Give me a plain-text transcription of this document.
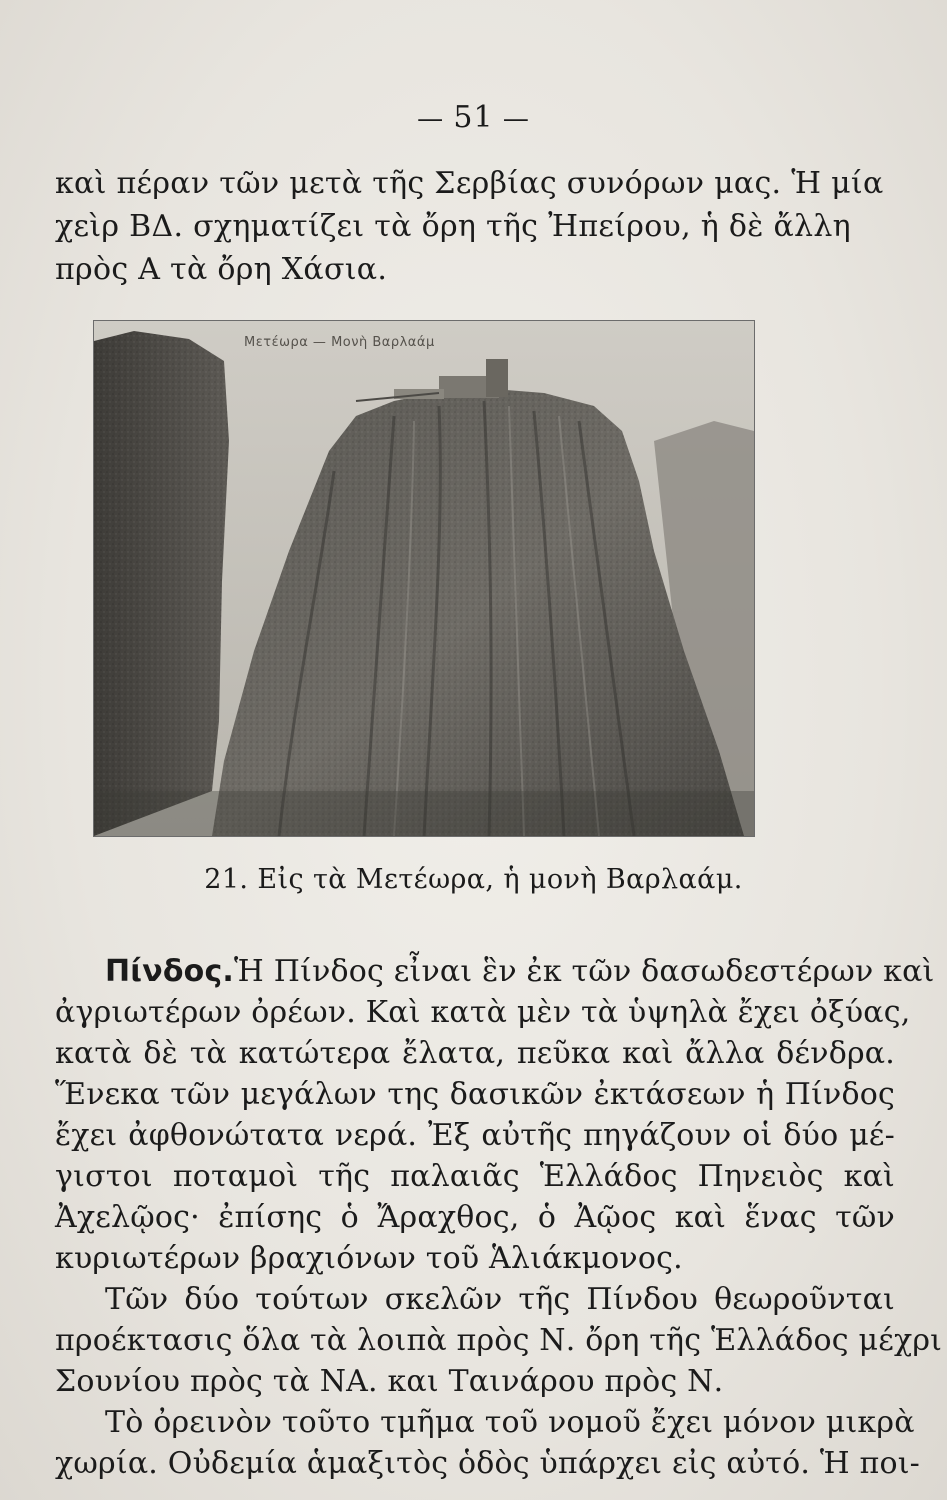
— 51 —
καὶ πέραν τῶν μετὰ τῆς Σερβίας συνόρων μας. Ἡ μία
χεὶρ ΒΔ. σχηματίζει τὰ ὄρη τῆς Ἠπείρου, ἡ δὲ ἄλλη
πρὸς Α τὰ ὄρη Χάσια.
Μετέωρα — Μονὴ Βαρλαάμ
21. Εἰς τὰ Μετέωρα, ἡ μονὴ Βαρλαάμ.
Πίνδος.Ἡ Πίνδος εἶναι ἓν ἐκ τῶν δασωδεστέρων καὶ
ἀγριωτέρων ὀρέων. Καὶ κατὰ μὲν τὰ ὑψηλὰ ἔχει ὀξύας,
κατὰ δὲ τὰ κατώτερα ἔλατα, πεῦκα καὶ ἄλλα δένδρα.
Ἕνεκα τῶν μεγάλων της δασικῶν ἐκτάσεων ἡ Πίνδος
ἔχει ἀφθονώτατα νερά. Ἐξ αὐτῆς πηγάζουν οἱ δύο μέ-
γιστοι ποταμοὶ τῆς παλαιᾶς Ἑλλάδος Πηνειὸς καὶ
Ἀχελῷος· ἐπίσης ὁ Ἄραχθος, ὁ Ἀῷος καὶ ἕνας τῶν
κυριωτέρων βραχιόνων τοῦ Ἁλιάκμονος.
Τῶν δύο τούτων σκελῶν τῆς Πίνδου θεωροῦνται
προέκτασις ὅλα τὰ λοιπὰ πρὸς Ν. ὄρη τῆς Ἑλλάδος μέχρι
Σουνίου πρὸς τὰ ΝΑ. και Ταινάρου πρὸς Ν.
Τὸ ὀρεινὸν τοῦτο τμῆμα τοῦ νομοῦ ἔχει μόνον μικρὰ
χωρία. Οὐδεμία ἁμαξιτὸς ὁδὸς ὑπάρχει εἰς αὐτό. Ἡ ποι-
